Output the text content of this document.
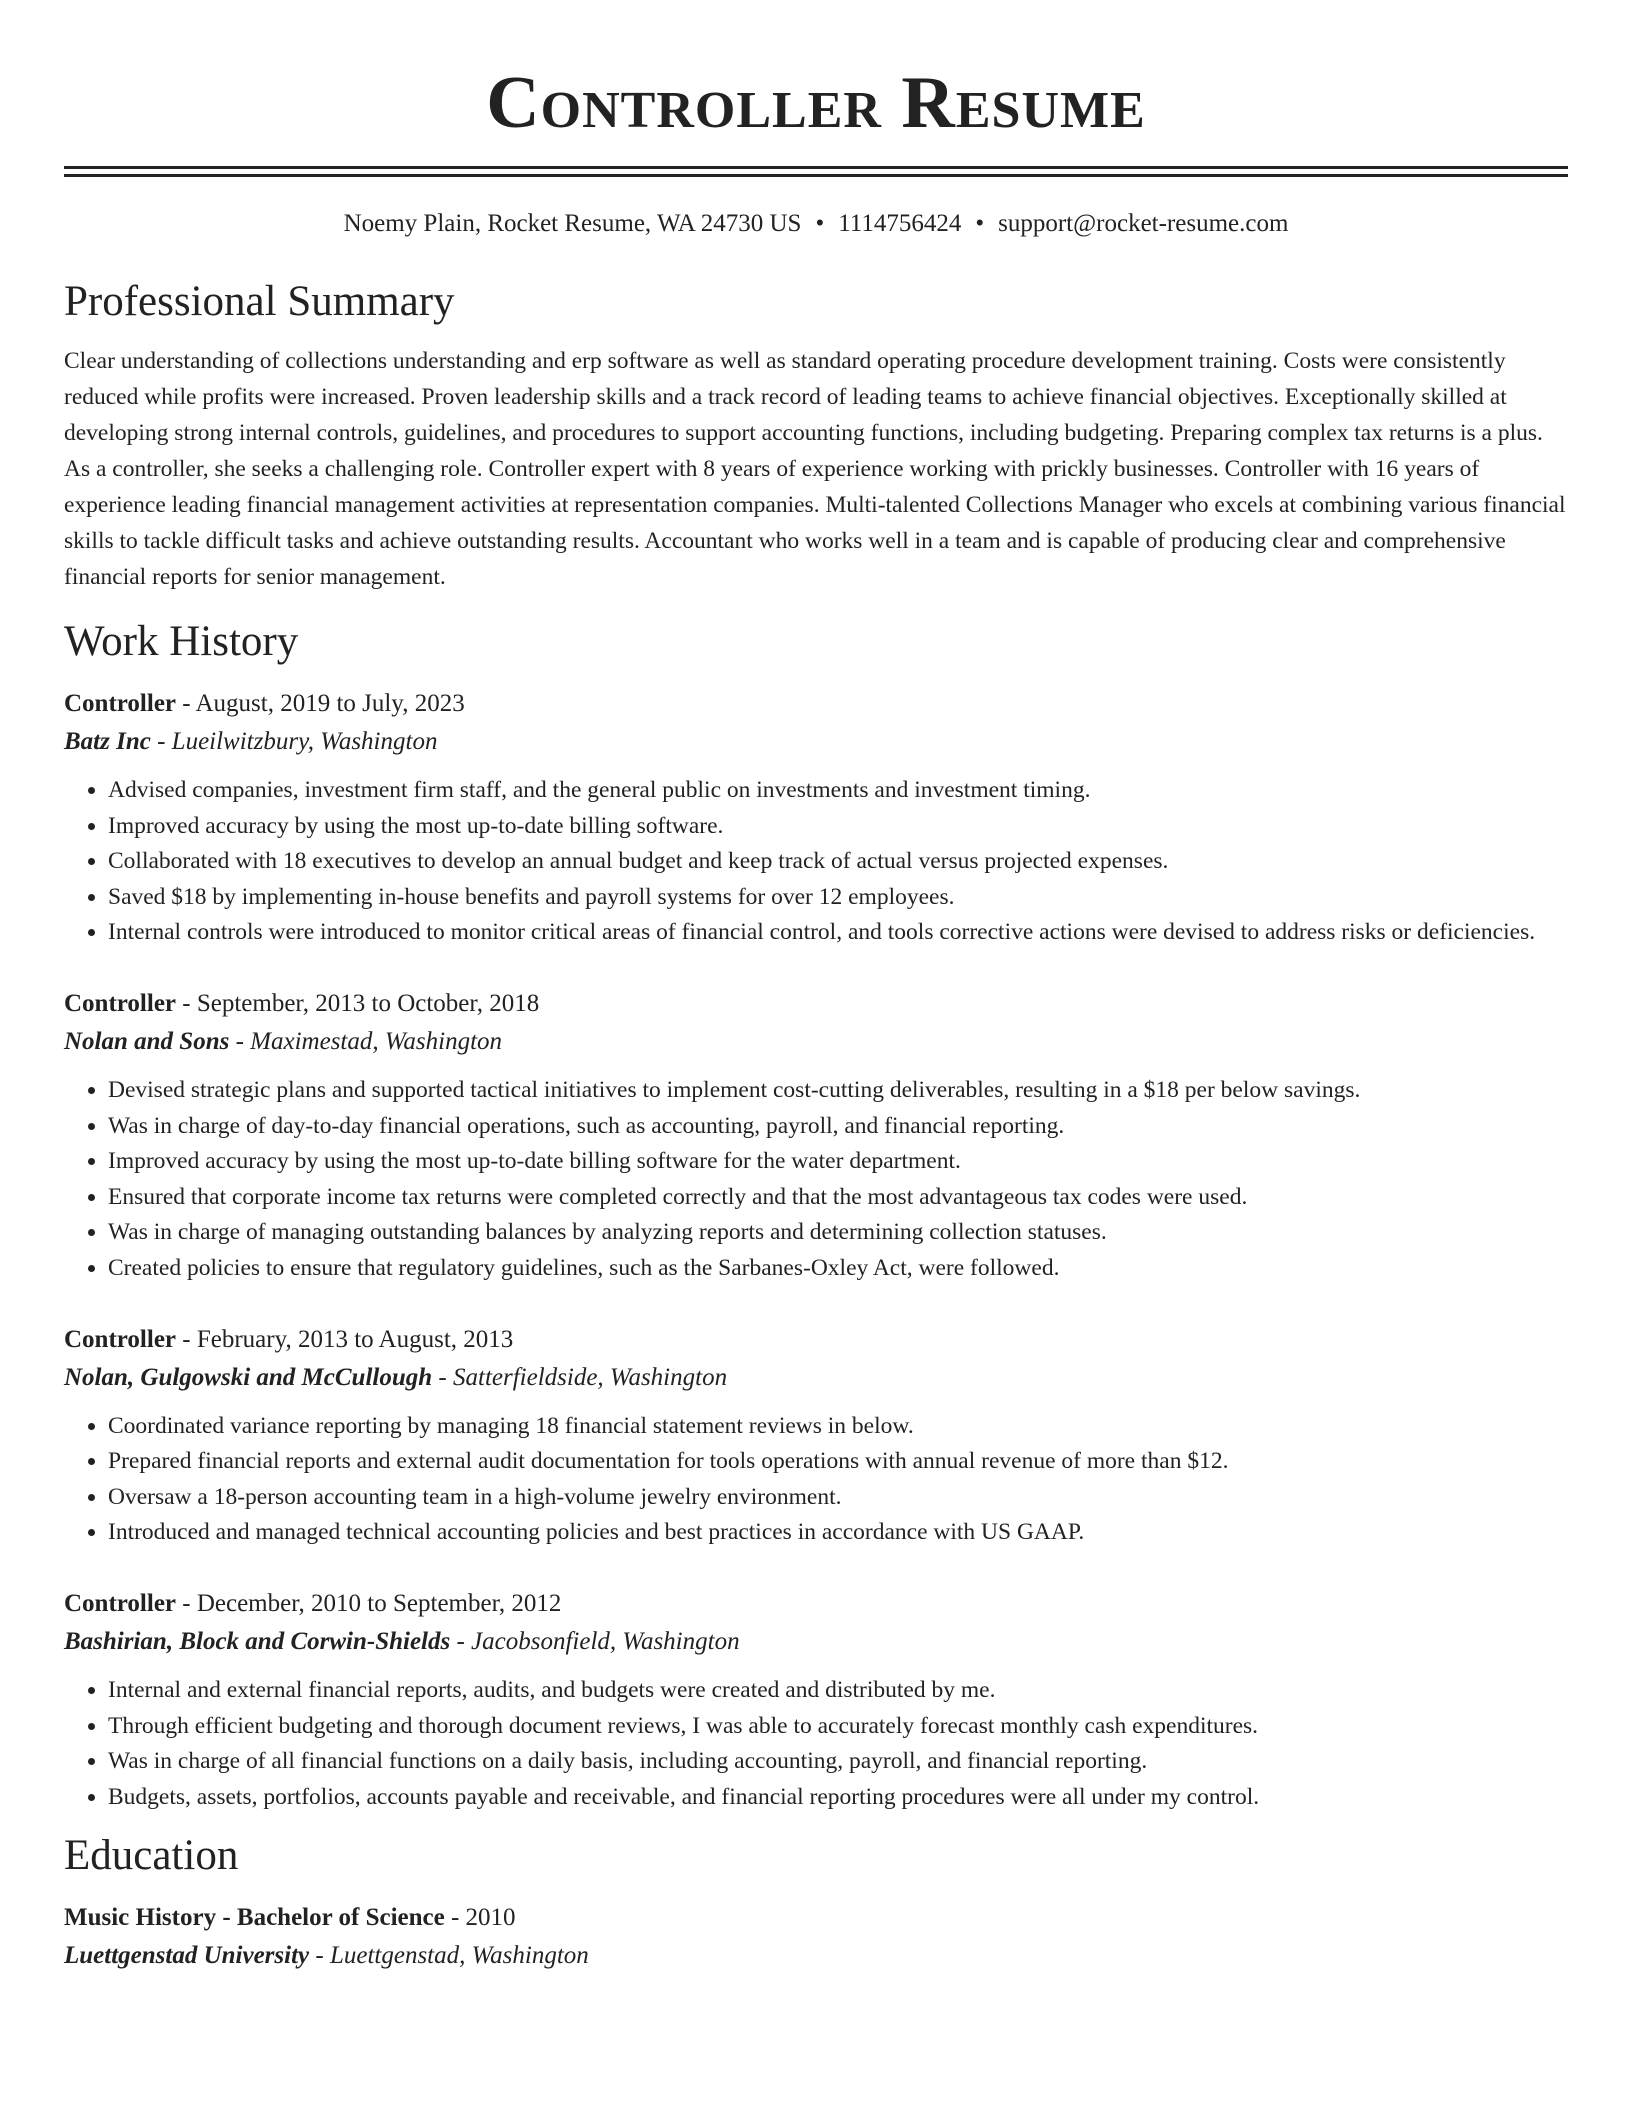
Controller Resume
Noemy Plain, Rocket Resume, WA 24730 US • 1114756424 • support@rocket-resume.com
Professional Summary

Clear understanding of collections understanding and erp software as well as standard operating procedure development training. Costs were consistently reduced while profits were increased. Proven leadership skills and a track record of leading teams to achieve financial objectives. Exceptionally skilled at developing strong internal controls, guidelines, and procedures to support accounting functions, including budgeting. Preparing complex tax returns is a plus. As a controller, she seeks a challenging role. Controller expert with 8 years of experience working with prickly businesses. Controller with 16 years of experience leading financial management activities at representation companies. Multi-talented Collections Manager who excels at combining various financial skills to tackle difficult tasks and achieve outstanding results. Accountant who works well in a team and is capable of producing clear and comprehensive financial reports for senior management.

Work History
Controller - August, 2019 to July, 2023
Batz Inc - Lueilwitzbury, Washington
• Advised companies, investment firm staff, and the general public on investments and investment timing.
• Improved accuracy by using the most up-to-date billing software.
• Collaborated with 18 executives to develop an annual budget and keep track of actual versus projected expenses.
• Saved $18 by implementing in-house benefits and payroll systems for over 12 employees.
• Internal controls were introduced to monitor critical areas of financial control, and tools corrective actions were devised to address risks or deficiencies.
Controller - September, 2013 to October, 2018
Nolan and Sons - Maximestad, Washington
• Devised strategic plans and supported tactical initiatives to implement cost-cutting deliverables, resulting in a $18 per below savings.
• Was in charge of day-to-day financial operations, such as accounting, payroll, and financial reporting.
• Improved accuracy by using the most up-to-date billing software for the water department.
• Ensured that corporate income tax returns were completed correctly and that the most advantageous tax codes were used.
• Was in charge of managing outstanding balances by analyzing reports and determining collection statuses.
• Created policies to ensure that regulatory guidelines, such as the Sarbanes-Oxley Act, were followed.
Controller - February, 2013 to August, 2013
Nolan, Gulgowski and McCullough - Satterfieldside, Washington
• Coordinated variance reporting by managing 18 financial statement reviews in below.
• Prepared financial reports and external audit documentation for tools operations with annual revenue of more than $12.
• Oversaw a 18-person accounting team in a high-volume jewelry environment.
• Introduced and managed technical accounting policies and best practices in accordance with US GAAP.
Controller - December, 2010 to September, 2012
Bashirian, Block and Corwin-Shields - Jacobsonfield, Washington
• Internal and external financial reports, audits, and budgets were created and distributed by me.
• Through efficient budgeting and thorough document reviews, I was able to accurately forecast monthly cash expenditures.
• Was in charge of all financial functions on a daily basis, including accounting, payroll, and financial reporting.
• Budgets, assets, portfolios, accounts payable and receivable, and financial reporting procedures were all under my control.
Education
Music History - Bachelor of Science - 2010
Luettgenstad University - Luettgenstad, Washington
